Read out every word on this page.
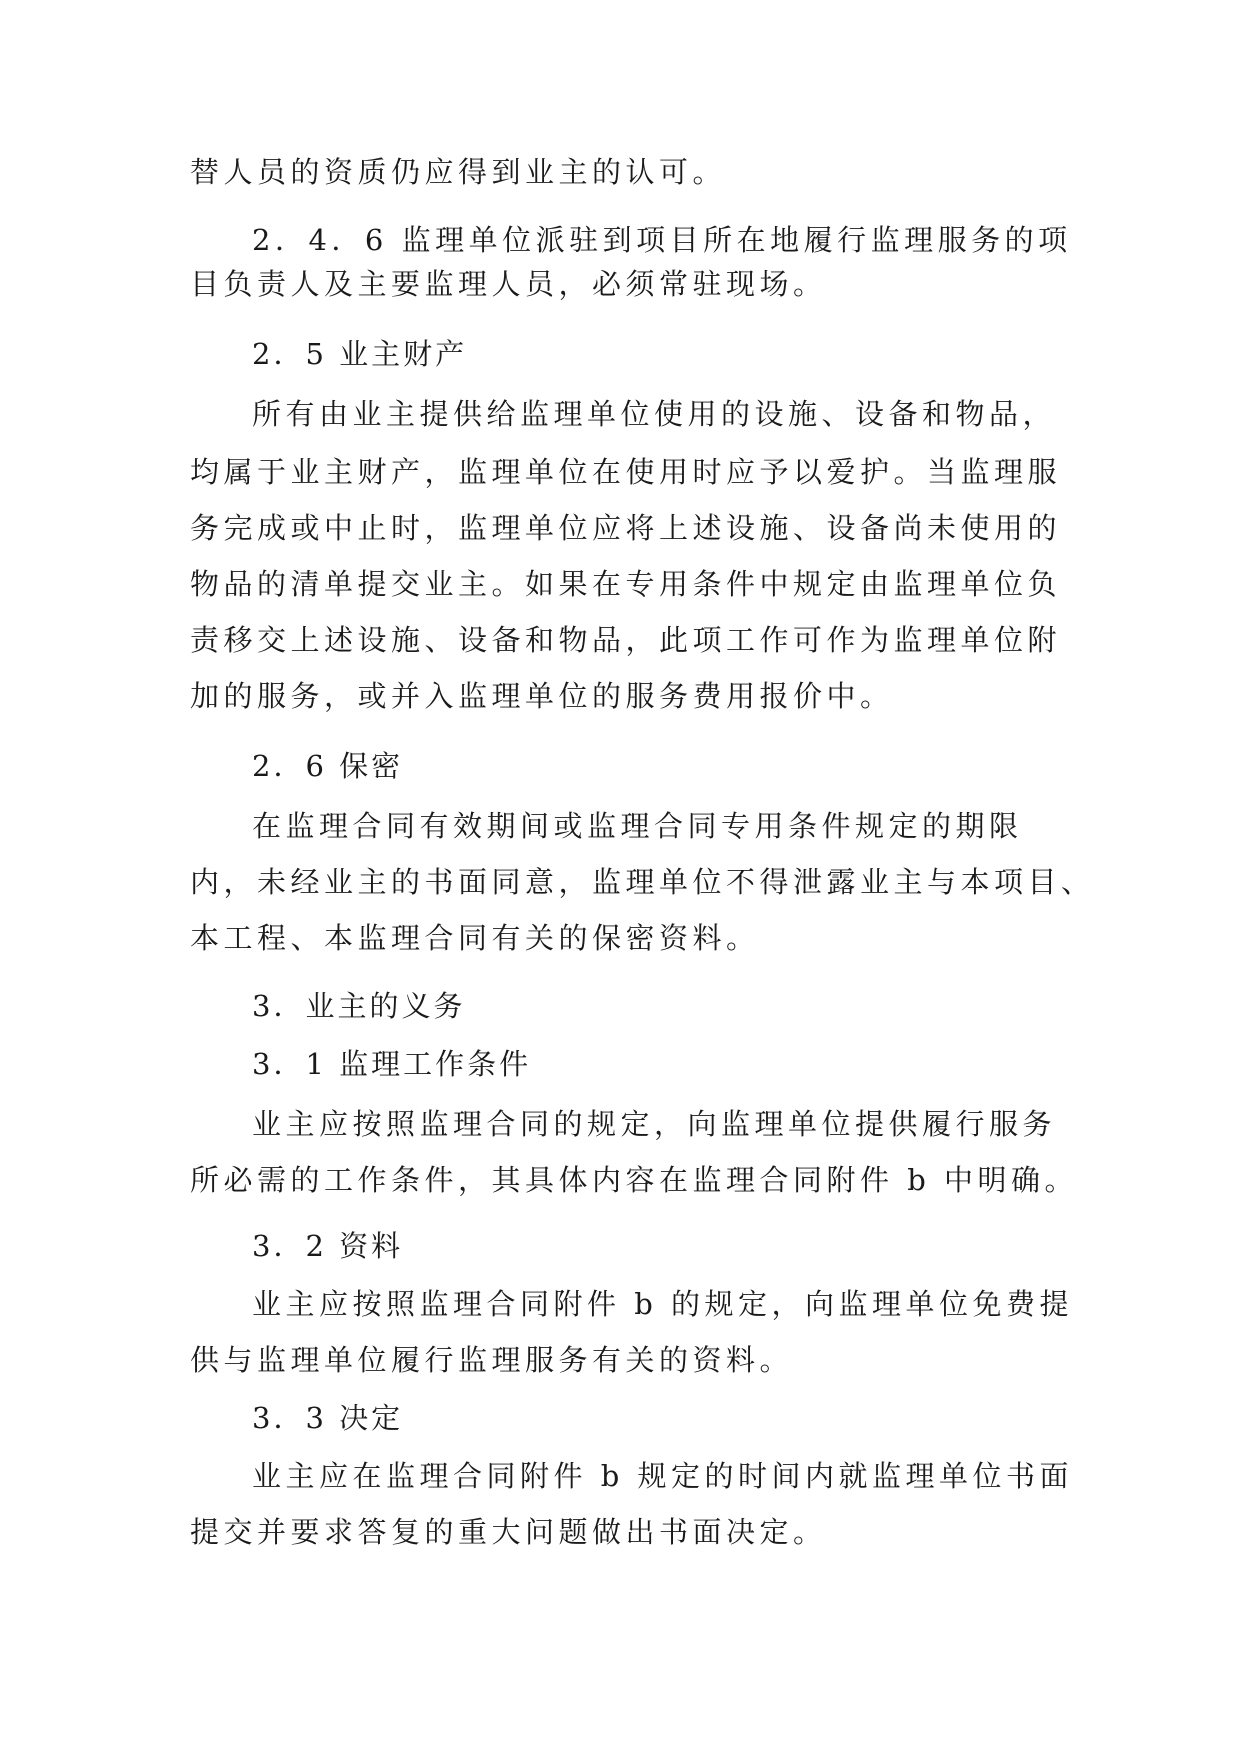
替人员的资质仍应得到业主的认可。
2．4．6 监理单位派驻到项目所在地履行监理服务的项
目负责人及主要监理人员，必须常驻现场。
2．5 业主财产
所有由业主提供给监理单位使用的设施、设备和物品，
均属于业主财产，监理单位在使用时应予以爱护。当监理服
务完成或中止时，监理单位应将上述设施、设备尚未使用的
物品的清单提交业主。如果在专用条件中规定由监理单位负
责移交上述设施、设备和物品，此项工作可作为监理单位附
加的服务，或并入监理单位的服务费用报价中。
2．6 保密
在监理合同有效期间或监理合同专用条件规定的期限
内，未经业主的书面同意，监理单位不得泄露业主与本项目、
本工程、本监理合同有关的保密资料。
3．业主的义务
3．1 监理工作条件
业主应按照监理合同的规定，向监理单位提供履行服务
所必需的工作条件，其具体内容在监理合同附件 b 中明确。
3．2 资料
业主应按照监理合同附件 b 的规定，向监理单位免费提
供与监理单位履行监理服务有关的资料。
3．3 决定
业主应在监理合同附件 b 规定的时间内就监理单位书面
提交并要求答复的重大问题做出书面决定。
